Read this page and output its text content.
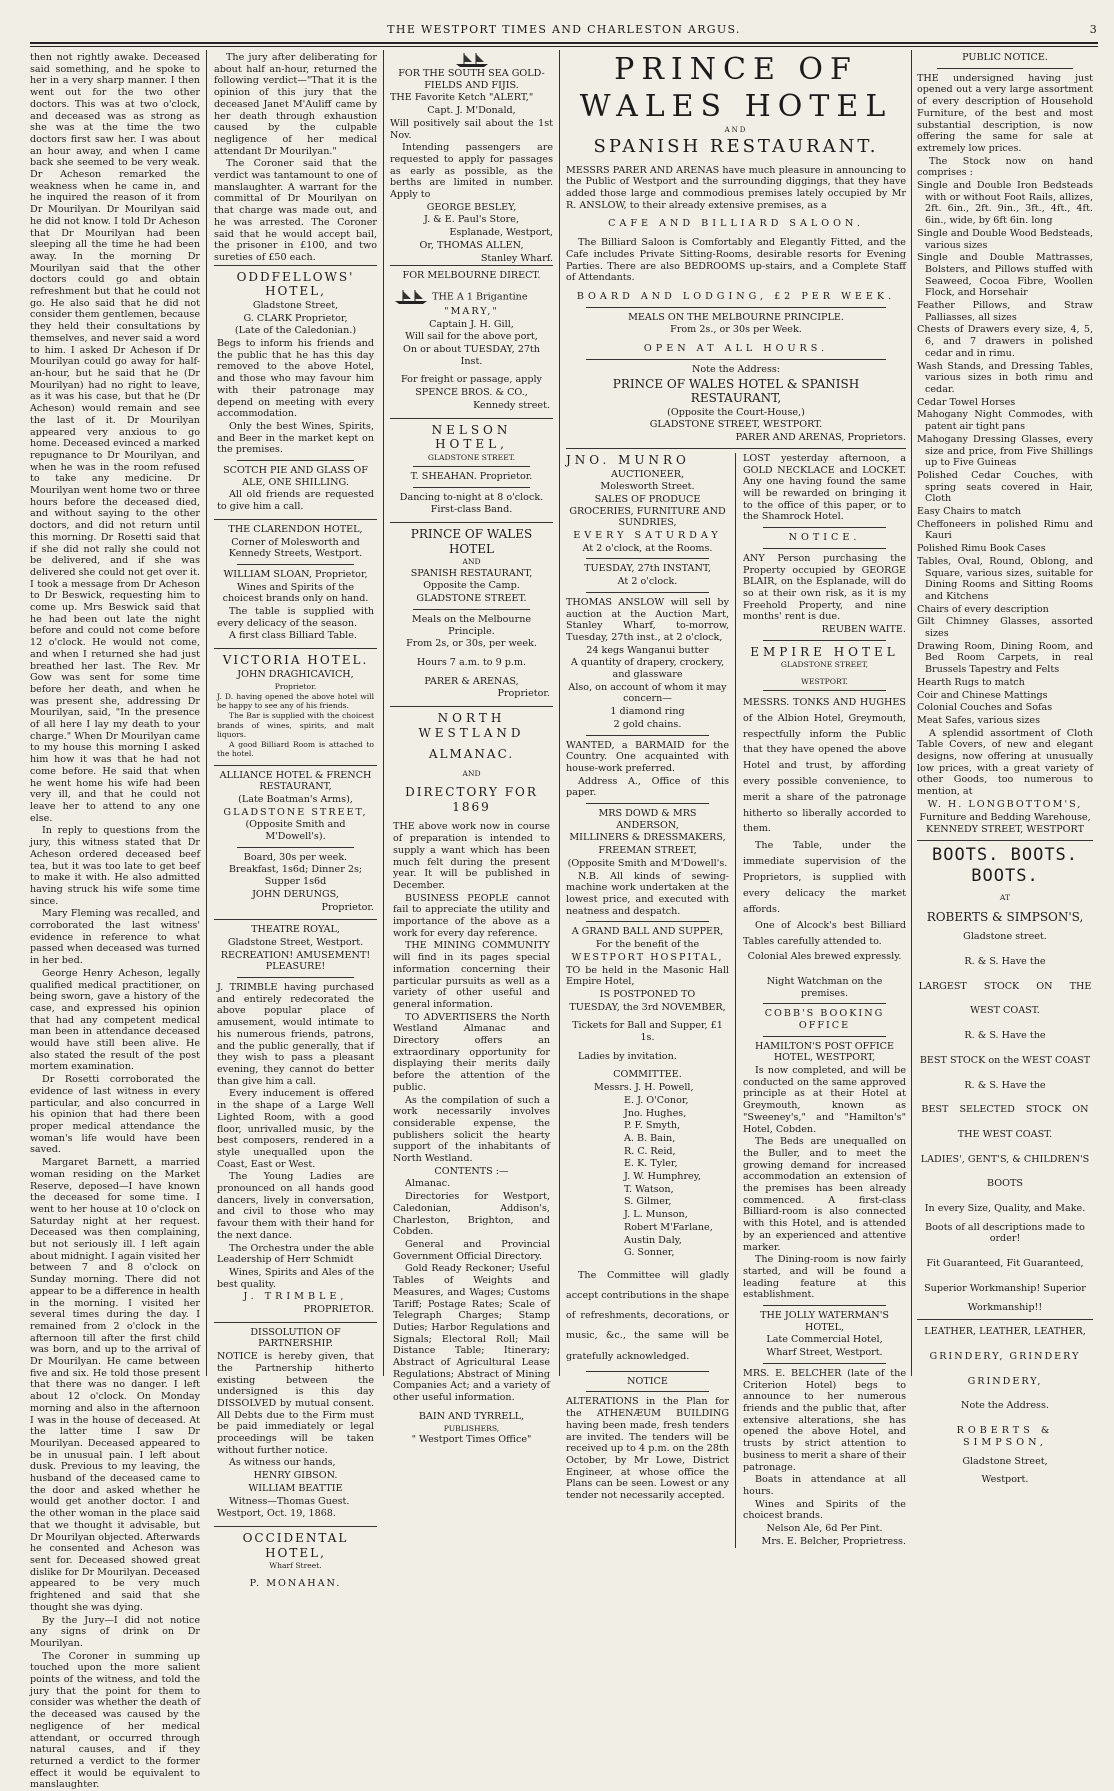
THE WESTPORT TIMES AND CHARLESTON ARGUS.	3

then not rightly awake. Deceased said something, and he spoke to her in a very sharp manner. I then went out for the two other doctors. This was at two o'clock, and deceased was as strong as she was at the time the two doctors first saw her. I was about an hour away, and when I came back she seemed to be very weak. Dr Acheson remarked the weakness when he came in, and he inquired the reason of it from Dr Mourilyan. Dr Mourilyan said he did not know. I told Dr Acheson that Dr Mourilyan had been sleeping all the time he had been away. In the morning Dr Mourilyan said that the other doctors could go and obtain refreshment but that he could not go. He also said that he did not consider them gentlemen, because they held their consultations by themselves, and never said a word to him. I asked Dr Acheson if Dr Mourilyan could go away for half-an-hour, but he said that he (Dr Mourilyan) had no right to leave, as it was his case, but that he (Dr Acheson) would remain and see the last of it. Dr Mourilyan appeared very anxious to go home. Deceased evinced a marked repugnance to Dr Mourilyan, and when he was in the room refused to take any medicine. Dr Mourilyan went home two or three hours before the deceased died, and without saying to the other doctors, and did not return until this morning. Dr Rosetti said that if she did not rally she could not be delivered, and if she was delivered she could not get over it. I took a message from Dr Acheson to Dr Beswick, requesting him to come up. Mrs Beswick said that he had been out late the night before and could not come before 12 o'clock. He would not come, and when I returned she had just breathed her last. The Rev. Mr Gow was sent for some time before her death, and when he was present she, addressing Dr Mourilyan, said, "In the presence of all here I lay my death to your charge." When Dr Mourilyan came to my house this morning I asked him how it was that he had not come before. He said that when he went home his wife had been very ill, and that he could not leave her to attend to any one else.

In reply to questions from the jury, this witness stated that Dr Acheson ordered deceased beef tea, but it was too late to get beef to make it with. He also admitted having struck his wife some time since.

Mary Fleming was recalled, and corroborated the last witness' evidence in reference to what passed when deceased was turned in her bed.

George Henry Acheson, legally qualified medical practitioner, on being sworn, gave a history of the case, and expressed his opinion that had any competent medical man been in attendance deceased would have still been alive. He also stated the result of the post mortem examination.

Dr Rosetti corroborated the evidence of last witness in every particular, and also concurred in his opinion that had there been proper medical attendance the woman's life would have been saved.

Margaret Barnett, a married woman residing on the Market Reserve, deposed—I have known the deceased for some time. I went to her house at 10 o'clock on Saturday night at her request. Deceased was then complaining, but not seriously ill. I left again about midnight. I again visited her between 7 and 8 o'clock on Sunday morning. There did not appear to be a difference in health in the morning. I visited her several times during the day. I remained from 2 o'clock in the afternoon till after the first child was born, and up to the arrival of Dr Mourilyan. He came between five and six. He told those present that there was no danger. I left about 12 o'clock. On Monday morning and also in the afternoon I was in the house of deceased. At the latter time I saw Dr Mourilyan. Deceased appeared to be in unusual pain. I left about dusk. Previous to my leaving, the husband of the deceased came to the door and asked whether he would get another doctor. I and the other woman in the place said that we thought it advisable, but Dr Mourilyan objected. Afterwards he consented and Acheson was sent for. Deceased showed great dislike for Dr Mourilyan. Deceased appeared to be very much frightened and said that she thought she was dying.

By the Jury—I did not notice any signs of drink on Dr Mourilyan.

The Coroner in summing up touched upon the more salient points of the witness, and told the jury that the point for them to consider was whether the death of the deceased was caused by the negligence of her medical attendant, or occurred through natural causes, and if they returned a verdict to the former effect it would be equivalent to manslaughter.

The jury after deliberating for about half an-hour, returned the following verdict—"That it is the opinion of this jury that the deceased Janet M'Auliff came by her death through exhaustion caused by the culpable negligence of her medical attendant Dr Mourilyan."

The Coroner said that the verdict was tantamount to one of manslaughter. A warrant for the committal of Dr Mourilyan on that charge was made out, and he was arrested. The Coroner said that he would accept bail, the prisoner in £100, and two sureties of £50 each.

ODDFELLOWS' HOTEL,

Gladstone Street,

G. CLARK Proprietor,

(Late of the Caledonian.)

Begs to inform his friends and the public that he has this day removed to the above Hotel, and those who may favour him with their patronage may depend on meeting with every accommodation.

Only the best Wines, Spirits, and Beer in the market kept on the premises.

SCOTCH PIE AND GLASS OF ALE, ONE SHILLING.

All old friends are requested to give him a call.

THE CLARENDON HOTEL,

Corner of Molesworth and Kennedy Streets, Westport.

WILLIAM SLOAN, Proprietor,

Wines and Spirits of the choicest brands only on hand.

The table is supplied with every delicacy of the season.

A first class Billiard Table.

VICTORIA HOTEL.

JOHN DRAGHICAVICH,

Proprietor.

J. D. having opened the above hotel will be happy to see any of his friends.

The Bar is supplied with the choicest brands of wines, spirits, and malt liquors.

A good Billiard Room is attached to the hotel.

ALLIANCE HOTEL & FRENCH RESTAURANT,

(Late Boatman's Arms),

GLADSTONE STREET,

(Opposite Smith and M'Dowell's).

Board, 30s per week.

Breakfast, 1s6d; Dinner 2s; Supper 1s6d

JOHN DERUNGS,

Proprietor.

THEATRE ROYAL,

Gladstone Street, Westport.

RECREATION! AMUSEMENT! PLEASURE!

J. TRIMBLE having purchased and entirely redecorated the above popular place of amusement, would intimate to his numerous friends, patrons, and the public generally, that if they wish to pass a pleasant evening, they cannot do better than give him a call.

Every inducement is offered in the shape of a Large Well Lighted Room, with a good floor, unrivalled music, by the best composers, rendered in a style unequalled upon the Coast, East or West.

The Young Ladies are pronounced on all hands good dancers, lively in conversation, and civil to those who may favour them with their hand for the next dance.

The Orchestra under the able Leadership of Herr Schmidt

Wines, Spirits and Ales of the best quality.

J. TRIMBLE,

PROPRIETOR.

DISSOLUTION OF PARTNERSHIP.

NOTICE is hereby given, that the Partnership hitherto existing between the undersigned is this day DISSOLVED by mutual consent. All Debts due to the Firm must be paid immediately or legal proceedings will be taken without further notice.

As witness our hands,

HENRY GIBSON.

WILLIAM BEATTIE

Witness—Thomas Guest.

Westport, Oct. 19, 1868.

OCCIDENTAL HOTEL,

Wharf Street.

P. MONAHAN.

FOR THE SOUTH SEA GOLD-FIELDS AND FIJIS.

THE Favorite Ketch "ALERT,"

Capt. J. M'Donald,

Will positively sail about the 1st Nov.

Intending passengers are requested to apply for passages as early as possible, as the berths are limited in number. Apply to

GEORGE BESLEY,

J. & E. Paul's Store,

Esplanade, Westport,

Or, THOMAS ALLEN,

Stanley Wharf.

FOR MELBOURNE DIRECT.

THE A 1 Brigantine

"MARY,"

Captain J. H. Gill,

Will sail for the above port,

On or about TUESDAY, 27th Inst.

For freight or passage, apply

SPENCE BROS. & CO.,

Kennedy street.

NELSON HOTEL,

GLADSTONE STREET.

T. SHEAHAN. Proprietor.

Dancing to-night at 8 o'clock.

First-class Band.

PRINCE OF WALES HOTEL

AND

SPANISH RESTAURANT,

Opposite the Camp.

GLADSTONE STREET.

Meals on the Melbourne Principle.

From 2s, or 30s, per week.

Hours 7 a.m. to 9 p.m.

PARER & ARENAS,

Proprietor.

NORTH WESTLAND

ALMANAC.

AND

DIRECTORY FOR 1869

THE above work now in course of preparation is intended to supply a want which has been much felt during the present year. It will be published in December.

BUSINESS PEOPLE cannot fail to appreciate the utility and importance of the above as a work for every day reference.

THE MINING COMMUNITY will find in its pages special information concerning their particular pursuits as well as a variety of other useful and general information.

TO ADVERTISERS the North Westland Almanac and Directory offers an extraordinary opportunity for displaying their merits daily before the attention of the public.

As the compilation of such a work necessarily involves considerable expense, the publishers solicit the hearty support of the inhabitants of North Westland.

CONTENTS :—

Almanac.

Directories for Westport, Caledonian, Addison's, Charleston, Brighton, and Cobden.

General and Provincial Government Official Directory.

Gold Ready Reckoner; Useful Tables of Weights and Measures, and Wages; Customs Tariff; Postage Rates; Scale of Telegraph Charges; Stamp Duties; Harbor Regulations and Signals; Electoral Roll; Mail Distance Table; Itinerary; Abstract of Agricultural Lease Regulations; Abstract of Mining Companies Act; and a variety of other useful information.

BAIN AND TYRRELL,

PUBLISHERS,

" Westport Times Office"

PRINCE OF WALES HOTEL

AND

SPANISH RESTAURANT.

MESSRS PARER AND ARENAS have much pleasure in announcing to the Public of Westport and the surrounding diggings, that they have added those large and commodious premises lately occupied by Mr R. ANSLOW, to their already extensive premises, as a

CAFE AND BILLIARD SALOON.

The Billiard Saloon is Comfortably and Elegantly Fitted, and the Cafe includes Private Sitting-Rooms, desirable resorts for Evening Parties. There are also BEDROOMS up-stairs, and a Complete Staff of Attendants.

BOARD AND LODGING, £2 PER WEEK.

MEALS ON THE MELBOURNE PRINCIPLE.

From 2s., or 30s per Week.

OPEN AT ALL HOURS.

Note the Address:

PRINCE OF WALES HOTEL & SPANISH RESTAURANT,

(Opposite the Court-House,)

GLADSTONE STREET, WESTPORT.

PARER AND ARENAS, Proprietors.

JNO. MUNRO

AUCTIONEER,

Molesworth Street.

SALES OF PRODUCE GROCERIES, FURNITURE AND SUNDRIES,

EVERY SATURDAY

At 2 o'clock, at the Rooms.

TUESDAY, 27th INSTANT,

At 2 o'clock.

THOMAS ANSLOW will sell by auction at the Auction Mart, Stanley Wharf, to-morrow, Tuesday, 27th inst., at 2 o'clock,

24 kegs Wanganui butter

A quantity of drapery, crockery, and glassware

Also, on account of whom it may concern—

1 diamond ring

2 gold chains.

WANTED, a BARMAID for the Country. One acquainted with house-work preferred.

Address A., Office of this paper.

MRS DOWD & MRS ANDERSON,

MILLINERS & DRESSMAKERS,

FREEMAN STREET,

(Opposite Smith and M'Dowell's.

N.B. All kinds of sewing-machine work undertaken at the lowest price, and executed with neatness and despatch.

A GRAND BALL AND SUPPER,

For the benefit of the

WESTPORT HOSPITAL,

TO be held in the Masonic Hall Empire Hotel,

IS POSTPONED TO

TUESDAY, the 3rd NOVEMBER,

Tickets for Ball and Supper, £1 1s.

Ladies by invitation.

COMMITTEE.

Messrs. J. H. Powell,

E. J. O'Conor,

Jno. Hughes,

P. F. Smyth,

A. B. Bain,

R. C. Reid,

E. K. Tyler,

J. W. Humphrey,

T. Watson,

S. Gilmer,

J. L. Munson,

Robert M'Farlane,

Austin Daly,

G. Sonner,

The Committee will gladly accept contributions in the shape of refreshments, decorations, or music, &c., the same will be gratefully acknowledged.

NOTICE

ALTERATIONS in the Plan for the ATHENÆUM BUILDING having been made, fresh tenders are invited. The tenders will be received up to 4 p.m. on the 28th October, by Mr Lowe, District Engineer, at whose office the Plans can be seen. Lowest or any tender not necessarily accepted.

LOST yesterday afternoon, a GOLD NECKLACE and LOCKET. Any one having found the same will be rewarded on bringing it to the office of this paper, or to the Shamrock Hotel.

NOTICE.

ANY Person purchasing the Property occupied by GEORGE BLAIR, on the Esplanade, will do so at their own risk, as it is my Freehold Property, and nine months' rent is due.

REUBEN WAITE.

EMPIRE HOTEL

GLADSTONE STREET,

WESTPORT.

MESSRS. TONKS AND HUGHES of the Albion Hotel, Greymouth, respectfully inform the Public that they have opened the above Hotel and trust, by affording every possible convenience, to merit a share of the patronage hitherto so liberally accorded to them.

The Table, under the immediate supervision of the Proprietors, is supplied with every delicacy the market affords.

One of Alcock's best Billiard Tables carefully attended to.

Colonial Ales brewed expressly.

Night Watchman on the premises.

COBB'S BOOKING OFFICE

HAMILTON'S POST OFFICE HOTEL, WESTPORT,

Is now completed, and will be conducted on the same approved principle as at their Hotel at Greymouth, known as "Sweeney's," and "Hamilton's" Hotel, Cobden.

The Beds are unequalled on the Buller, and to meet the growing demand for increased accommodation an extension of the premises has been already commenced. A first-class Billiard-room is also connected with this Hotel, and is attended by an experienced and attentive marker.

The Dining-room is now fairly started, and will be found a leading feature at this establishment.

THE JOLLY WATERMAN'S HOTEL,

Late Commercial Hotel,

Wharf Street, Westport.

MRS. E. BELCHER (late of the Criterion Hotel) begs to announce to her numerous friends and the public that, after extensive alterations, she has opened the above Hotel, and trusts by strict attention to business to merit a share of their patronage.

Boats in attendance at all hours.

Wines and Spirits of the choicest brands.

Nelson Ale, 6d Per Pint.

Mrs. E. Belcher, Proprietress.

PUBLIC NOTICE.

THE undersigned having just opened out a very large assortment of every description of Household Furniture, of the best and most substantial description, is now offering the same for sale at extremely low prices.

The Stock now on hand comprises :

Single and Double Iron Bedsteads with or without Foot Rails, allizes, 2ft. 6in., 2ft. 9in., 3ft., 4ft., 4ft. 6in., wide, by 6ft 6in. long

Single and Double Wood Bedsteads, various sizes

Single and Double Mattrasses, Bolsters, and Pillows stuffed with Seaweed, Cocoa Fibre, Woollen Flock, and Horsehair

Feather Pillows, and Straw Palliasses, all sizes

Chests of Drawers every size, 4, 5, 6, and 7 drawers in polished cedar and in rimu.

Wash Stands, and Dressing Tables, various sizes in both rimu and cedar.

Cedar Towel Horses

Mahogany Night Commodes, with patent air tight pans

Mahogany Dressing Glasses, every size and price, from Five Shillings up to Five Guineas

Polished Cedar Couches, with spring seats covered in Hair, Cloth

Easy Chairs to match

Cheffoneers in polished Rimu and Kauri

Polished Rimu Book Cases

Tables, Oval, Round, Oblong, and Square, various sizes, suitable for Dining Rooms and Sitting Rooms and Kitchens

Chairs of every description

Gilt Chimney Glasses, assorted sizes

Drawing Room, Dining Room, and Bed Room Carpets, in real Brussels Tapestry and Felts

Hearth Rugs to match

Coir and Chinese Mattings

Colonial Couches and Sofas

Meat Safes, various sizes

A splendid assortment of Cloth Table Covers, of new and elegant designs, now offering at unusually low prices, with a great variety of other Goods, too numerous to mention, at

W. H. LONGBOTTOM'S,

Furniture and Bedding Warehouse,

KENNEDY STREET, WESTPORT

BOOTS. BOOTS. BOOTS.

AT

ROBERTS & SIMPSON'S,

Gladstone street.

R. & S. Have the

LARGEST STOCK ON THE

WEST COAST.

R. & S. Have the

BEST STOCK on the WEST COAST

R. & S. Have the

BEST SELECTED STOCK ON

THE WEST COAST.

LADIES', GENT'S, & CHILDREN'S

BOOTS

In every Size, Quality, and Make.

Boots of all descriptions made to order!

Fit Guaranteed, Fit Guaranteed,

Superior Workmanship! Superior

Workmanship!!

LEATHER, LEATHER, LEATHER,

GRINDERY, GRINDERY

GRINDERY,

Note the Address.

ROBERTS & SIMPSON,

Gladstone Street,

Westport.
